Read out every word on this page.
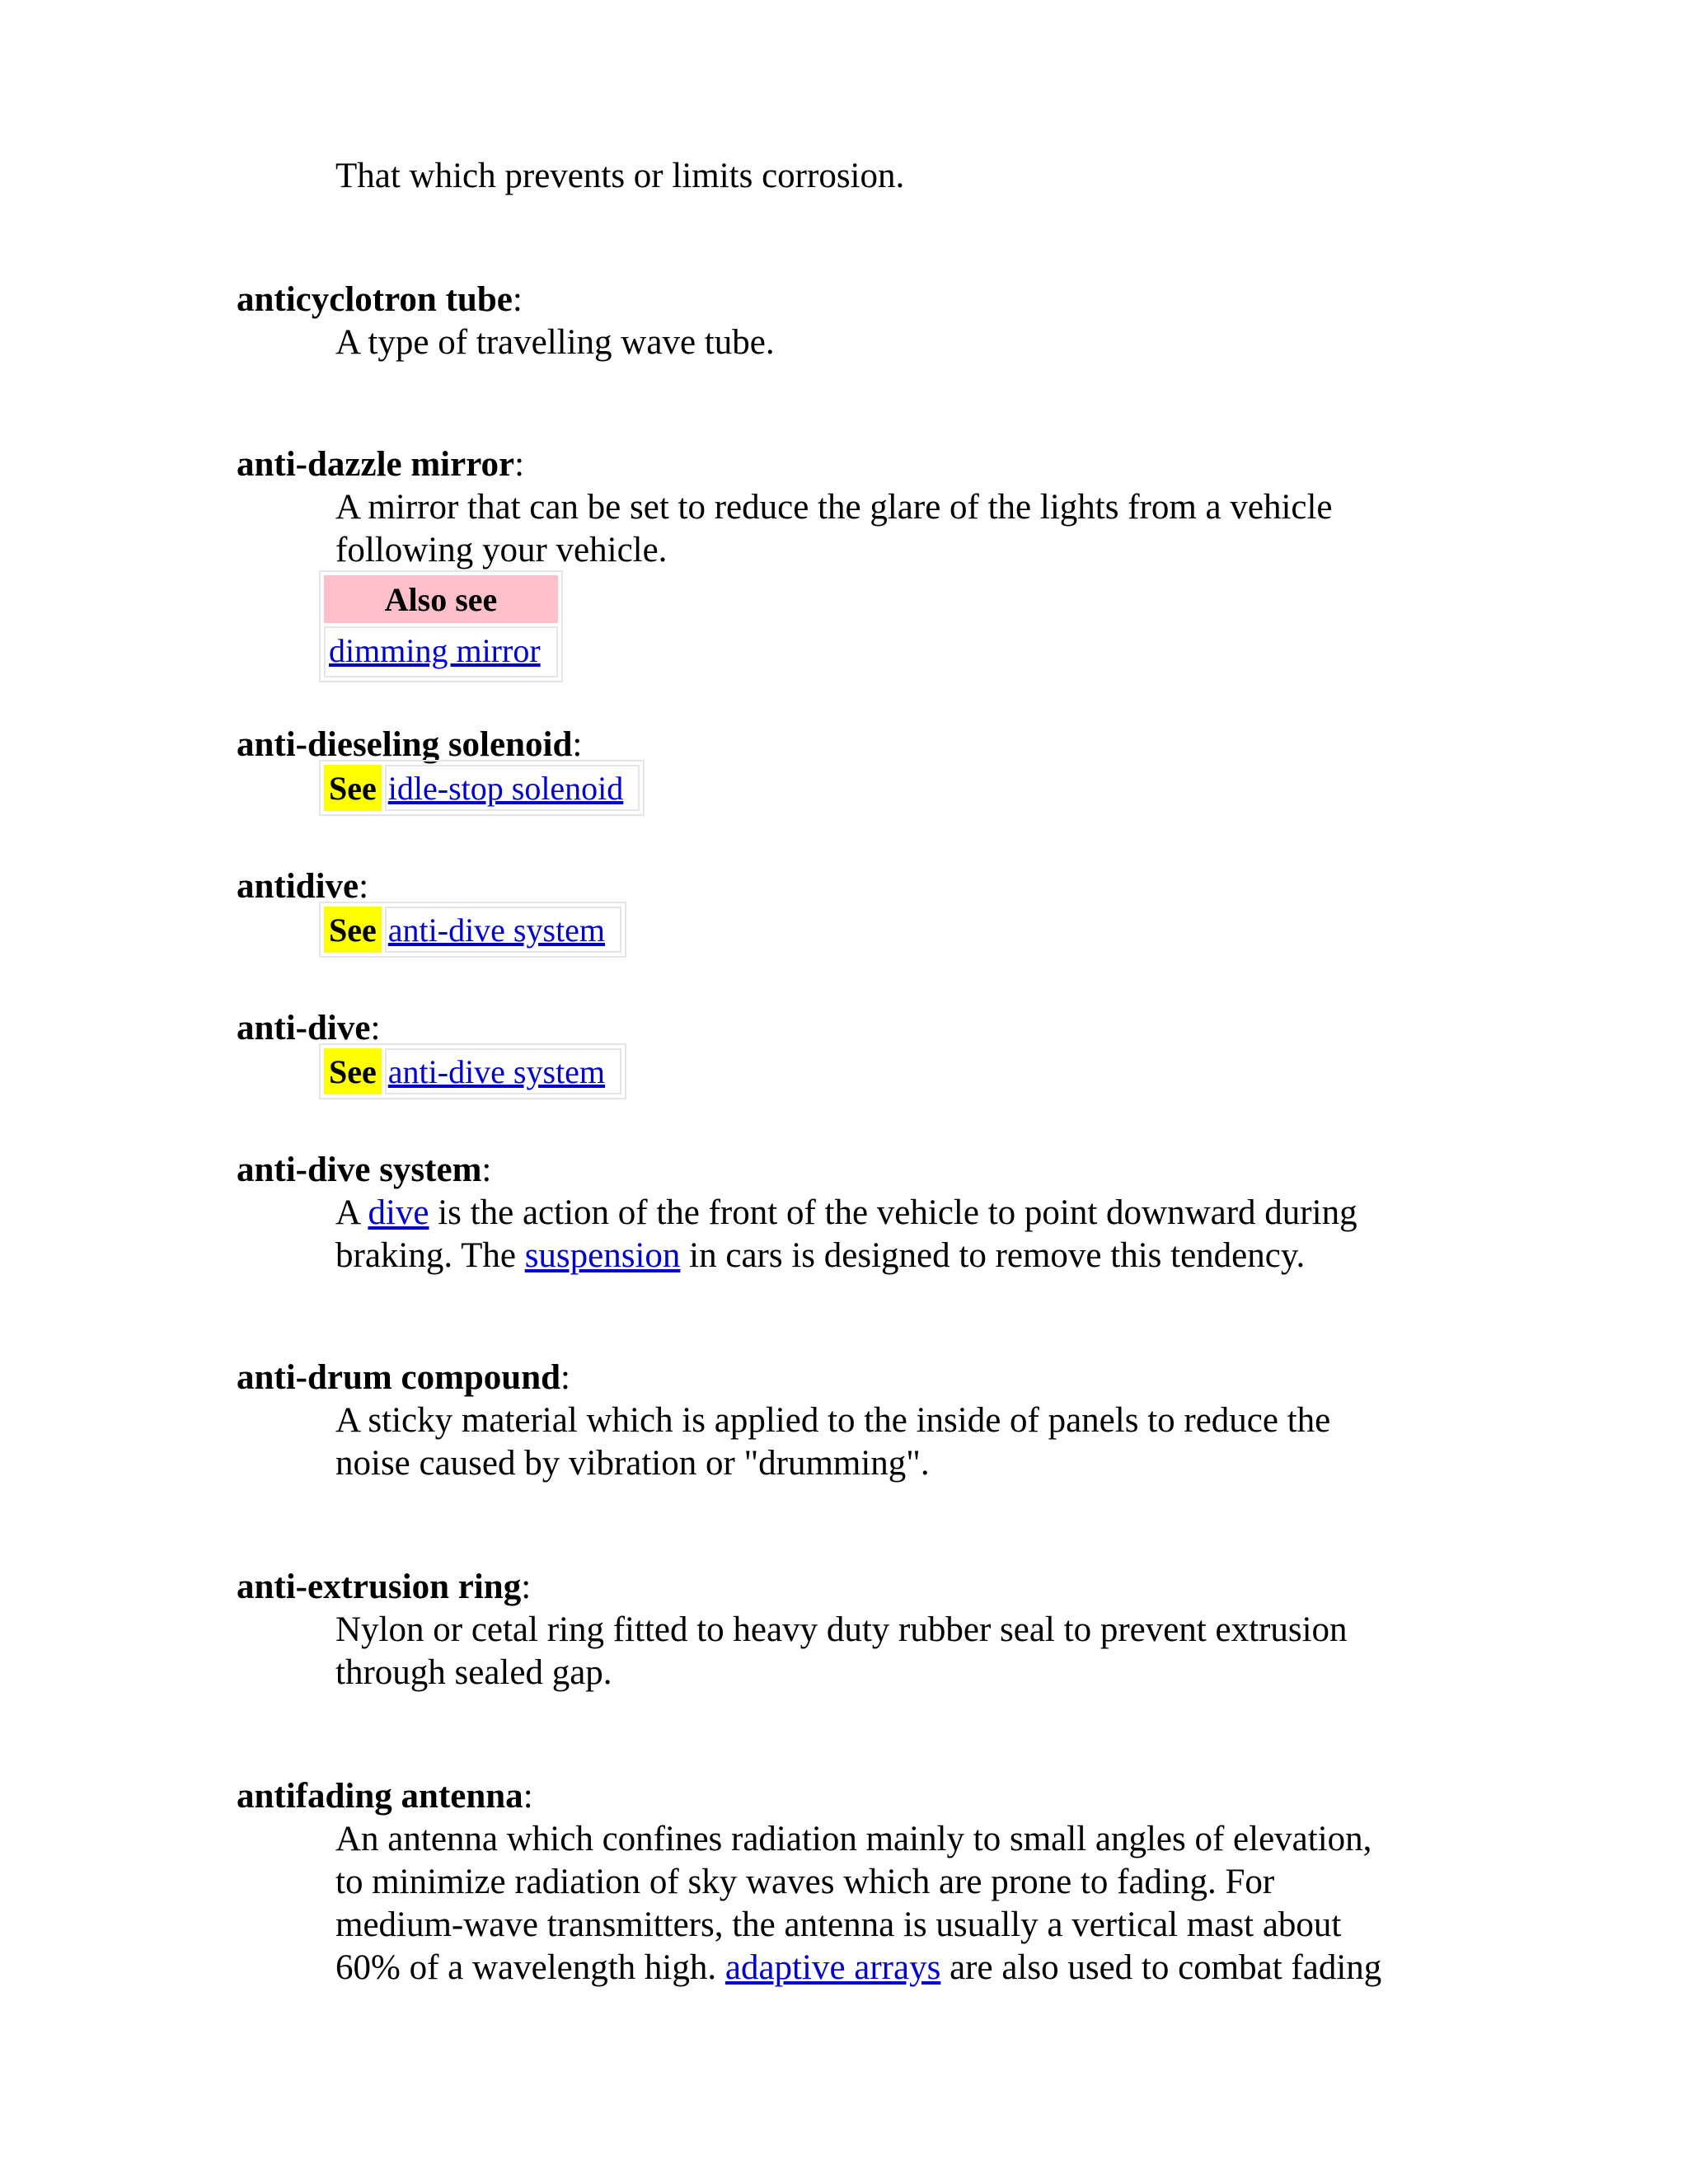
That which prevents or limits corrosion.
anticyclotron tube:
A type of travelling wave tube.
anti-dazzle mirror:
A mirror that can be set to reduce the glare of the lights from a vehicle
following your vehicle.
Also see
dimming mirror
anti-dieseling solenoid:
See	idle-stop solenoid
antidive:
See	anti-dive system
anti-dive:
See	anti-dive system
anti-dive system:
A dive is the action of the front of the vehicle to point downward during
braking. The suspension in cars is designed to remove this tendency.
anti-drum compound:
A sticky material which is applied to the inside of panels to reduce the
noise caused by vibration or "drumming".
anti-extrusion ring:
Nylon or cetal ring fitted to heavy duty rubber seal to prevent extrusion
through sealed gap.
antifading antenna:
An antenna which confines radiation mainly to small angles of elevation,
to minimize radiation of sky waves which are prone to fading. For
medium-wave transmitters, the antenna is usually a vertical mast about
60% of a wavelength high. adaptive arrays are also used to combat fading
